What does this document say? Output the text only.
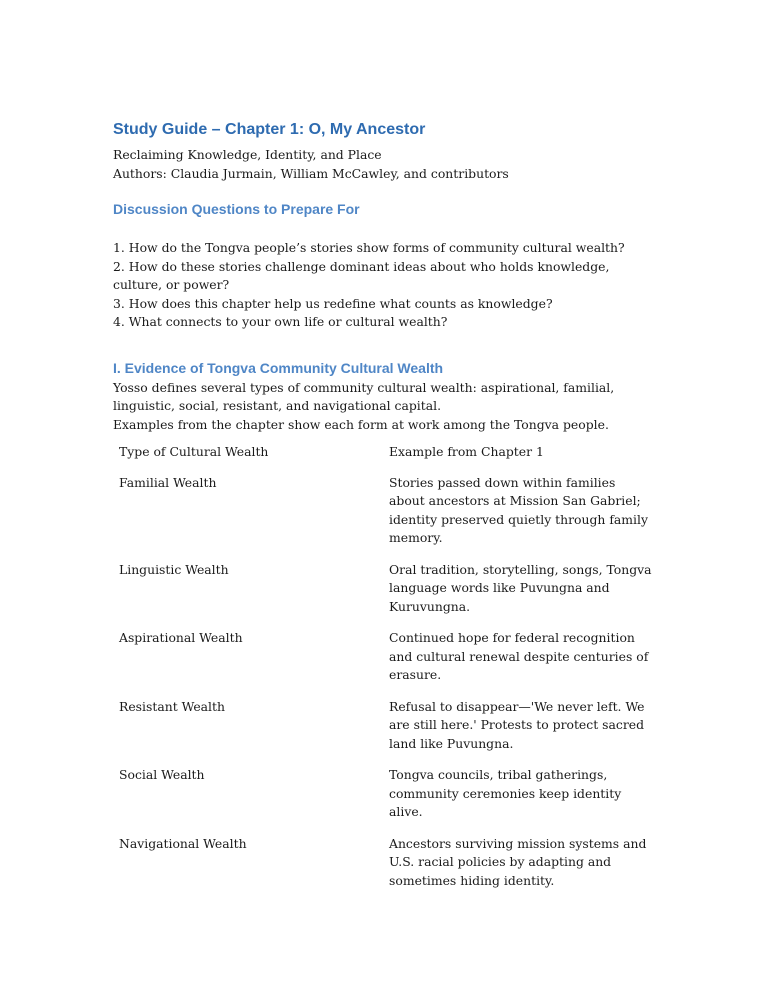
Study Guide – Chapter 1: O, My Ancestor

Reclaiming Knowledge, Identity, and Place

Authors: Claudia Jurmain, William McCawley, and contributors

Discussion Questions to Prepare For

1. How do the Tongva people’s stories show forms of community cultural wealth?

2. How do these stories challenge dominant ideas about who holds knowledge, culture, or power?

3. How does this chapter help us redefine what counts as knowledge?

4. What connects to your own life or cultural wealth?

I. Evidence of Tongva Community Cultural Wealth

Yosso defines several types of community cultural wealth: aspirational, familial, linguistic, social, resistant, and navigational capital.

Examples from the chapter show each form at work among the Tongva people.

Type of Cultural Wealth	Example from Chapter 1
Familial Wealth	Stories passed down within families about ancestors at Mission San Gabriel; identity preserved quietly through family memory.
Linguistic Wealth	Oral tradition, storytelling, songs, Tongva language words like Puvungna and Kuruvungna.
Aspirational Wealth	Continued hope for federal recognition and cultural renewal despite centuries of erasure.
Resistant Wealth	Refusal to disappear—'We never left. We are still here.' Protests to protect sacred land like Puvungna.
Social Wealth	Tongva councils, tribal gatherings, community ceremonies keep identity alive.
Navigational Wealth	Ancestors surviving mission systems and U.S. racial policies by adapting and sometimes hiding identity.
